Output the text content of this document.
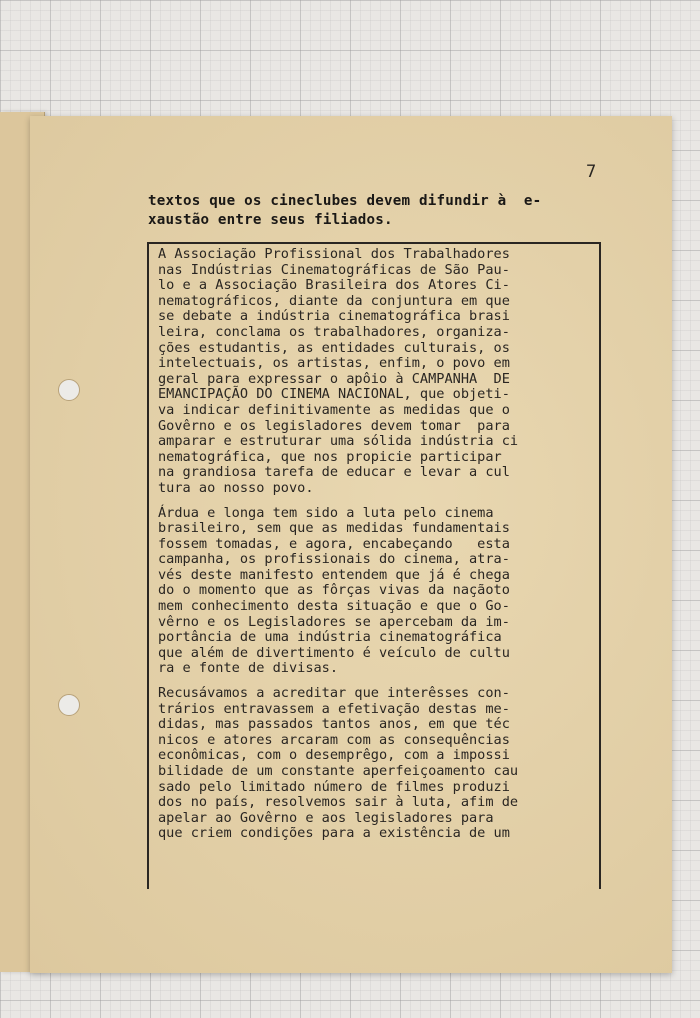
7
textos que os cineclubes devem difundir à  e-
xaustão entre seus filiados.
A Associação Profissional dos Trabalhadores
nas Indústrias Cinematográficas de São Pau-
lo e a Associação Brasileira dos Atores Ci-
nematográficos, diante da conjuntura em que
se debate a indústria cinematográfica brasi
leira, conclama os trabalhadores, organiza-
ções estudantis, as entidades culturais, os
intelectuais, os artistas, enfim, o povo em
geral para expressar o apôio à CAMPANHA  DE
EMANCIPAÇÃO DO CINEMA NACIONAL, que objeti-
va indicar definitivamente as medidas que o
Govêrno e os legisladores devem tomar  para
amparar e estruturar uma sólida indústria ci
nematográfica, que nos propicie participar
na grandiosa tarefa de educar e levar a cul
tura ao nosso povo.
Árdua e longa tem sido a luta pelo cinema
brasileiro, sem que as medidas fundamentais
fossem tomadas, e agora, encabeçando   esta
campanha, os profissionais do cinema, atra-
vés deste manifesto entendem que já é chega
do o momento que as fôrças vivas da naçãoto
mem conhecimento desta situação e que o Go-
vêrno e os Legisladores se apercebam da im-
portância de uma indústria cinematográfica
que além de divertimento é veículo de cultu
ra e fonte de divisas.
Recusávamos a acreditar que interêsses con-
trários entravassem a efetivação destas me-
didas, mas passados tantos anos, em que téc
nicos e atores arcaram com as consequências
econômicas, com o desemprêgo, com a impossi
bilidade de um constante aperfeiçoamento cau
sado pelo limitado número de filmes produzi
dos no país, resolvemos sair à luta, afim de
apelar ao Govêrno e aos legisladores para
que criem condições para a existência de um
